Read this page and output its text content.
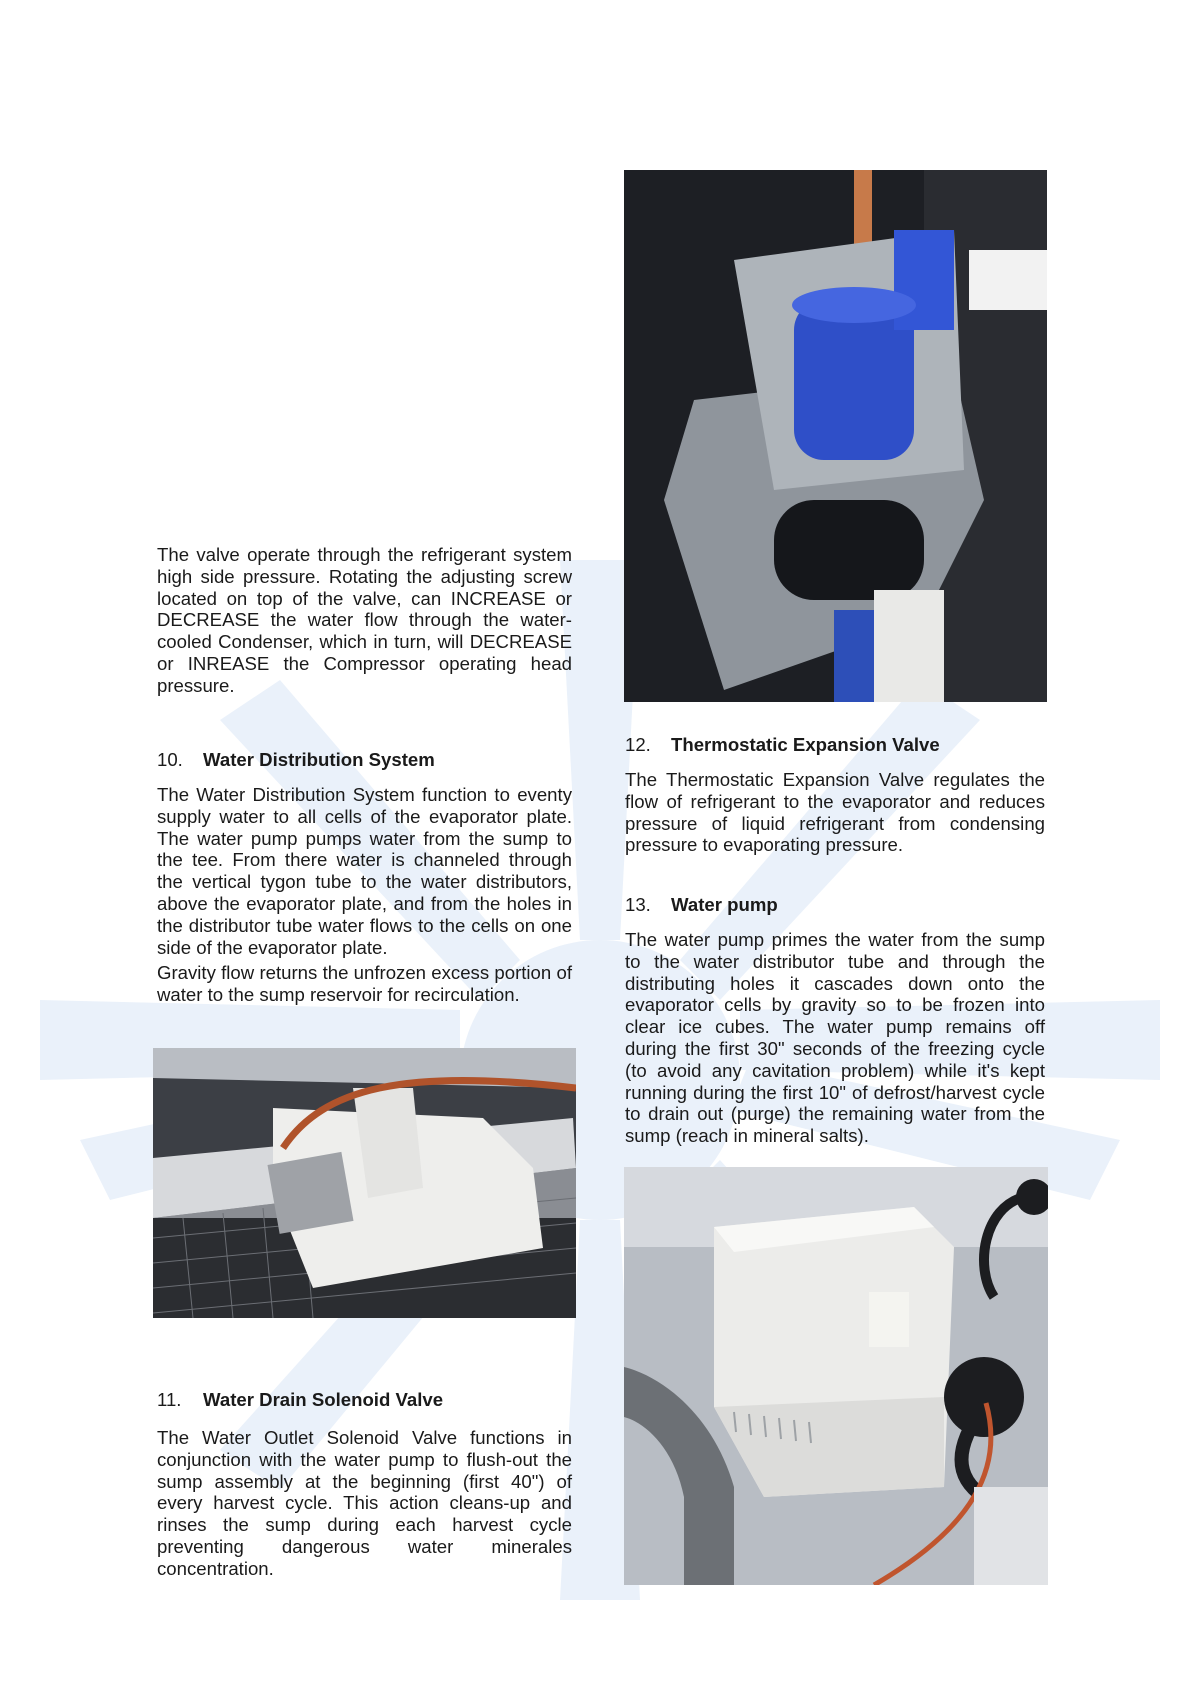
The valve operate through the refrigerant system high side pressure. Rotating the adjusting screw located on top of the valve, can INCREASE or DECREASE the water flow through the water-cooled Condenser, which in turn, will DECREASE or INREASE the Compressor operating head pressure.

10. Water Distribution System

The Water Distribution System function to eventy supply water to all cells of the evaporator plate. The water pump pumps water from the sump to the tee. From there water is channeled through the vertical tygon tube to the water distributors, above the evaporator plate, and from the holes in the distributor tube water flows to the cells on one side of the evaporator plate.

Gravity flow returns the unfrozen excess portion of water to the sump reservoir for recirculation.

11. Water Drain Solenoid Valve

The Water Outlet Solenoid Valve functions in conjunction with the water pump to flush-out the sump assembly at the beginning (first 40") of every harvest cycle. This action cleans-up and rinses the sump during each harvest cycle preventing dangerous water minerales concentration.

12. Thermostatic Expansion Valve

The Thermostatic Expansion Valve regulates the flow of refrigerant to the evaporator and reduces pressure of liquid refrigerant from condensing pressure to evaporating pressure.

13. Water pump

The water pump primes the water from the sump to the water distributor tube and through the distributing holes it cascades down onto the evaporator cells by gravity so to be frozen into clear ice cubes. The water pump remains off during the first 30" seconds of the freezing cycle (to avoid any cavitation problem) while it's kept running during the first 10" of defrost/harvest cycle to drain out (purge) the remaining water from the sump (reach in mineral salts).
